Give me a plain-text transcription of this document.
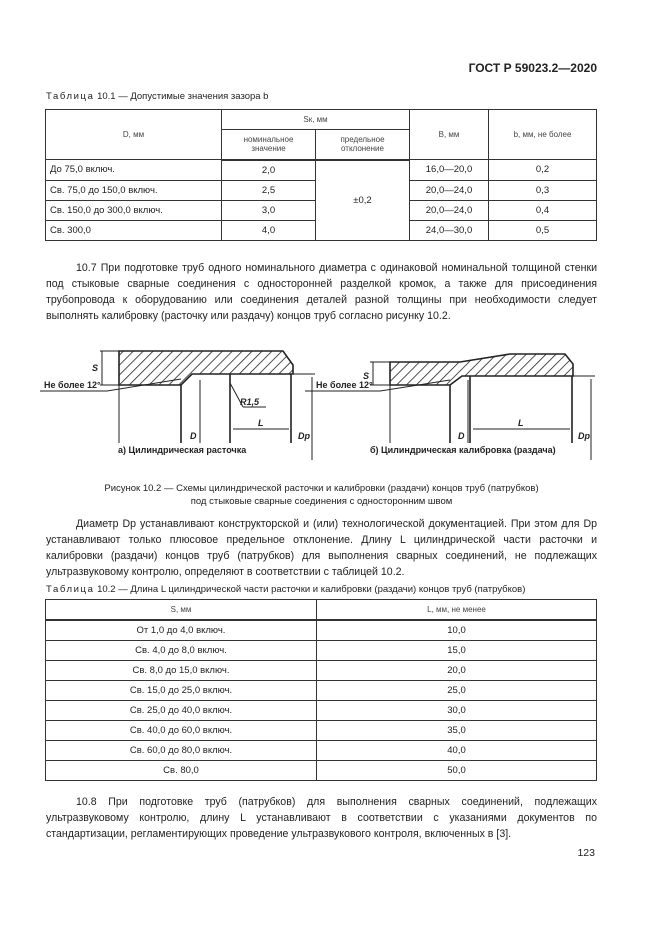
ГОСТ Р 59023.2—2020
Таблица 10.1 — Допустимые значения зазора b
D, мм	Sк, мм		B, мм	b, мм, не более
	номинальное значение	предельное отклонение		
До 75,0 включ.	2,0	±0,2	16,0—20,0	0,2
Св. 75,0 до 150,0 включ.	2,5		20,0—24,0	0,3
Св. 150,0 до 300,0 включ.	3,0		20,0—24,0	0,4
Св. 300,0	4,0		24,0—30,0	0,5

10.7 При подготовке труб одного номинального диаметра с одинаковой номинальной толщиной стенки под стыковые сварные соединения с односторонней разделкой кромок, а также для присоединения трубопровода к оборудованию или соединения деталей разной толщины при необходимости следует выполнять калибровку (расточку или раздачу) концов труб согласно рисунку 10.2.

S
Не более 12°
R1,5
D
L
Dp
S
Не более 12°
D
L
Dp
а) Цилиндрическая расточка	б) Цилиндрическая калибровка (раздача)
Рисунок 10.2 — Схемы цилиндрической расточки и калибровки (раздачи) концов труб (патрубков)
под стыковые сварные соединения с односторонним швом

Диаметр Dр устанавливают конструкторской и (или) технологической документацией. При этом для Dр устанавливают только плюсовое предельное отклонение. Длину L цилиндрической части расточки и калибровки (раздачи) концов труб (патрубков) для выполнения сварных соединений, не подлежащих ультразвуковому контролю, определяют в соответствии с таблицей 10.2.

Таблица 10.2 — Длина L цилиндрической части расточки и калибровки (раздачи) концов труб (патрубков)
S, мм	L, мм, не менее
От 1,0 до 4,0 включ.	10,0
Св. 4,0 до 8,0 включ.	15,0
Св. 8,0 до 15,0 включ.	20,0
Св. 15,0 до 25,0 включ.	25,0
Св. 25,0 до 40,0 включ.	30,0
Св. 40,0 до 60,0 включ.	35,0
Св. 60,0 до 80,0 включ.	40,0
Св. 80,0	50,0

10.8 При подготовке труб (патрубков) для выполнения сварных соединений, подлежащих ультразвуковому контролю, длину L устанавливают в соответствии с указаниями документов по стандартизации, регламентирующих проведение ультразвукового контроля, включенных в [3].

123
